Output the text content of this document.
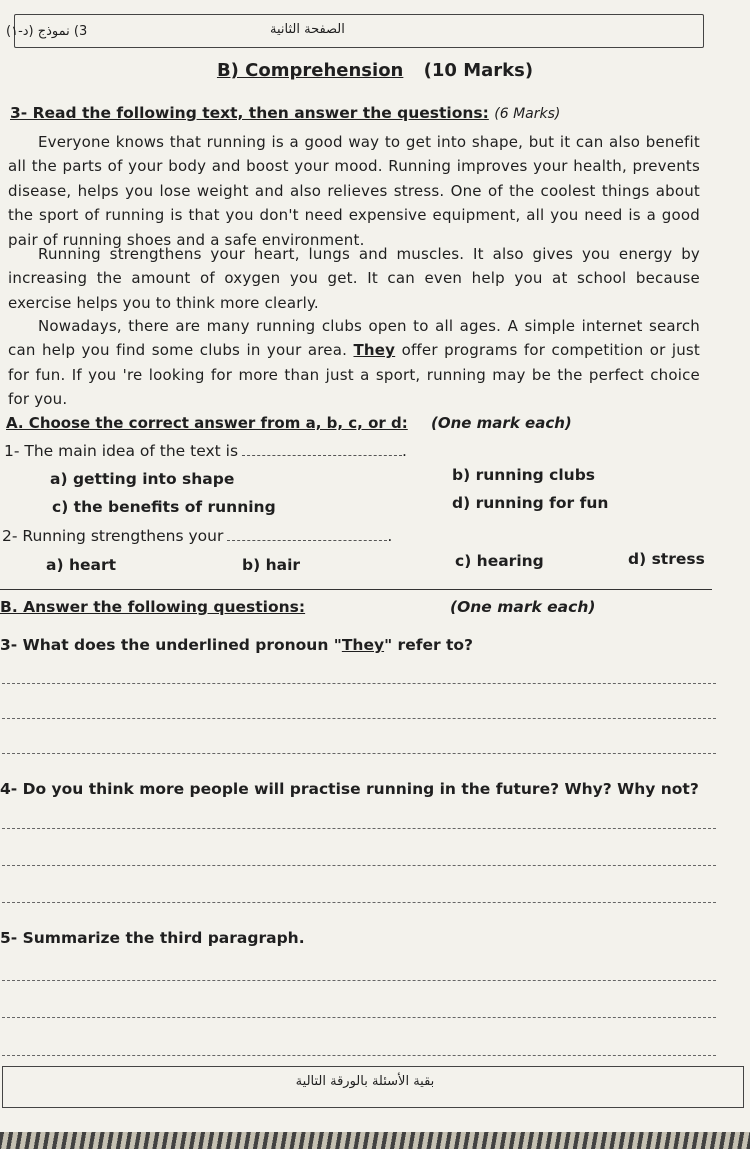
3) نموذج (د-١)	الصفحة الثانية
B) Comprehension (10 Marks)
3- Read the following text, then answer the questions: (6 Marks)
Everyone knows that running is a good way to get into shape, but it can also benefit all the parts of your body and boost your mood. Running improves your health, prevents disease, helps you lose weight and also relieves stress. One of the coolest things about the sport of running is that you don't need expensive equipment, all you need is a good pair of running shoes and a safe environment.
Running strengthens your heart, lungs and muscles. It also gives you energy by increasing the amount of oxygen you get. It can even help you at school because exercise helps you to think more clearly.
Nowadays, there are many running clubs open to all ages. A simple internet search can help you find some clubs in your area. They offer programs for competition or just for fun. If you 're looking for more than just a sport, running may be the perfect choice for you.
A. Choose the correct answer from a, b, c, or d: (One mark each)
1- The main idea of the text is	.
a) getting into shape	b) running clubs
c) the benefits of running	d) running for fun
2- Running strengthens your	.
a) heart	b) hair	c) hearing	d) stress
B. Answer the following questions:	(One mark each)
3- What does the underlined pronoun "They" refer to?
4- Do you think more people will practise running in the future? Why? Why not?
5- Summarize the third paragraph.
بقية الأسئلة بالورقة التالية
